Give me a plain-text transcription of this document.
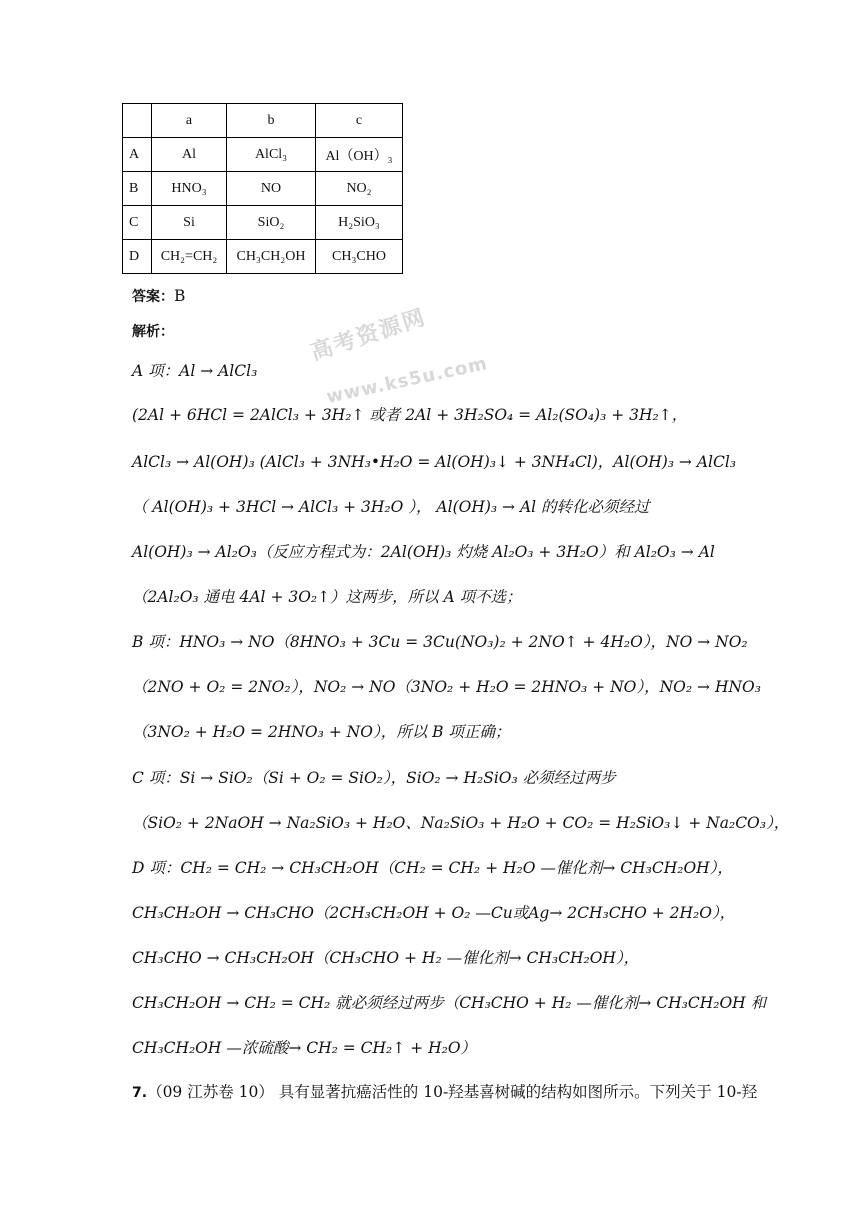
	a	b	c
A	Al	AlCl₃	Al（OH）₃
B	HNO₃	NO	NO₂
C	Si	SiO₂	H₂SiO₃
D	CH₂=CH₂	CH₃CH₂OH	CH₃CHO
答案：B
解析：	高考资源网
www.ks5u.com
A 项：Al → AlCl₃
(2Al + 6HCl = 2AlCl₃ + 3H₂↑ 或者 2Al + 3H₂SO₄ = Al₂(SO₄)₃ + 3H₂↑，
AlCl₃ → Al(OH)₃ (AlCl₃ + 3NH₃•H₂O = Al(OH)₃↓ + 3NH₄Cl)，Al(OH)₃ → AlCl₃
（ Al(OH)₃ + 3HCl → AlCl₃ + 3H₂O ）， Al(OH)₃ → Al 的转化必须经过
Al(OH)₃ → Al₂O₃（反应方程式为：2Al(OH)₃ 灼烧 Al₂O₃ + 3H₂O）和 Al₂O₃ → Al
（2Al₂O₃ 通电 4Al + 3O₂↑）这两步，所以 A 项不选；
B 项：HNO₃ → NO（8HNO₃ + 3Cu = 3Cu(NO₃)₂ + 2NO↑ + 4H₂O），NO → NO₂
（2NO + O₂ = 2NO₂），NO₂ → NO（3NO₂ + H₂O = 2HNO₃ + NO），NO₂ → HNO₃
（3NO₂ + H₂O = 2HNO₃ + NO），所以 B 项正确；
C 项：Si → SiO₂（Si + O₂ = SiO₂），SiO₂ → H₂SiO₃ 必须经过两步
（SiO₂ + 2NaOH → Na₂SiO₃ + H₂O、Na₂SiO₃ + H₂O + CO₂ = H₂SiO₃↓ + Na₂CO₃），
D 项：CH₂ = CH₂ → CH₃CH₂OH（CH₂ = CH₂ + H₂O —催化剂→ CH₃CH₂OH），
CH₃CH₂OH → CH₃CHO（2CH₃CH₂OH + O₂ —Cu或Ag→ 2CH₃CHO + 2H₂O），
CH₃CHO → CH₃CH₂OH（CH₃CHO + H₂ —催化剂→ CH₃CH₂OH），
CH₃CH₂OH → CH₂ = CH₂ 就必须经过两步（CH₃CHO + H₂ —催化剂→ CH₃CH₂OH 和
CH₃CH₂OH —浓硫酸→ CH₂ = CH₂↑ + H₂O）
7.（09 江苏卷 10） 具有显著抗癌活性的 10-羟基喜树碱的结构如图所示。下列关于 10-羟
